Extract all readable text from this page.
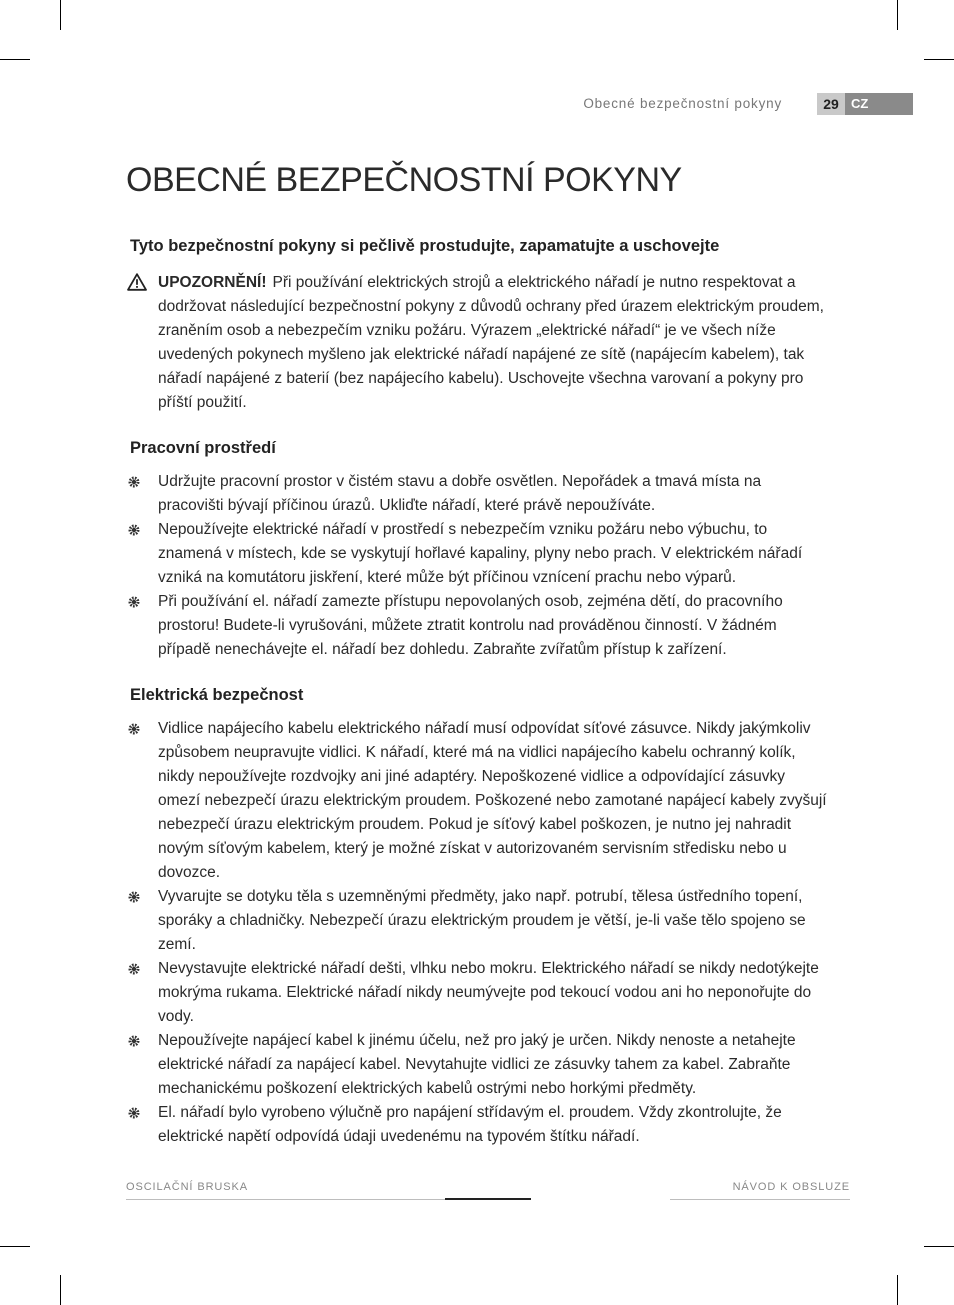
Obecné bezpečnostní pokyny	29 CZ
OBECNÉ BEZPEČNOSTNÍ POKYNY
Tyto bezpečnostní pokyny si pečlivě prostudujte, zapamatujte a uschovejte
UPOZORNĚNÍ! Při používání elektrických strojů a elektrického nářadí je nutno respektovat a dodržovat následující bezpečnostní pokyny z důvodů ochrany před úrazem elektrickým proudem, zraněním osob a nebezpečím vzniku požáru. Výrazem „elektrické nářadí“ je ve všech níže uvedených pokynech myšleno jak elektrické nářadí napájené ze sítě (napájecím kabelem), tak nářadí napájené z baterií (bez napájecího kabelu). Uschovejte všechna varovaní a pokyny pro příští použití.
Pracovní prostředí
Udržujte pracovní prostor v čistém stavu a dobře osvětlen. Nepořádek a tmavá místa na pracovišti bývají příčinou úrazů. Ukliďte nářadí, které právě nepoužíváte.
Nepoužívejte elektrické nářadí v prostředí s nebezpečím vzniku požáru nebo výbuchu, to znamená v místech, kde se vyskytují hořlavé kapaliny, plyny nebo prach. V elektrickém nářadí vzniká na komutátoru jiskření, které může být příčinou vznícení prachu nebo výparů.
Při používání el. nářadí zamezte přístupu nepovolaných osob, zejména dětí, do pracovního prostoru! Budete-li vyrušováni, můžete ztratit kontrolu nad prováděnou činností. V žádném případě nenechávejte el. nářadí bez dohledu. Zabraňte zvířatům přístup k zařízení.
Elektrická bezpečnost
Vidlice napájecího kabelu elektrického nářadí musí odpovídat síťové zásuvce. Nikdy jakýmkoliv způsobem neupravujte vidlici. K nářadí, které má na vidlici napájecího kabelu ochranný kolík, nikdy nepoužívejte rozdvojky ani jiné adaptéry. Nepoškozené vidlice a odpovídající zásuvky omezí nebezpečí úrazu elektrickým proudem. Poškozené nebo zamotané napájecí kabely zvyšují nebezpečí úrazu elektrickým proudem. Pokud je síťový kabel poškozen, je nutno jej nahradit novým síťovým kabelem, který je možné získat v autorizovaném servisním středisku nebo u dovozce.
Vyvarujte se dotyku těla s uzemněnými předměty, jako např. potrubí, tělesa ústředního topení, sporáky a chladničky. Nebezpečí úrazu elektrickým proudem je větší, je-li vaše tělo spojeno se zemí.
Nevystavujte elektrické nářadí dešti, vlhku nebo mokru. Elektrického nářadí se nikdy nedotýkejte mokrýma rukama. Elektrické nářadí nikdy neumývejte pod tekoucí vodou ani ho neponořujte do vody.
Nepoužívejte napájecí kabel k jinému účelu, než pro jaký je určen. Nikdy nenoste a netahejte elektrické nářadí za napájecí kabel. Nevytahujte vidlici ze zásuvky tahem za kabel. Zabraňte mechanickému poškození elektrických kabelů ostrými nebo horkými předměty.
El. nářadí bylo vyrobeno výlučně pro napájení střídavým el. proudem. Vždy zkontrolujte, že elektrické napětí odpovídá údaji uvedenému na typovém štítku nářadí.
OSCILAČNÍ BRUSKA	NÁVOD K OBSLUZE
